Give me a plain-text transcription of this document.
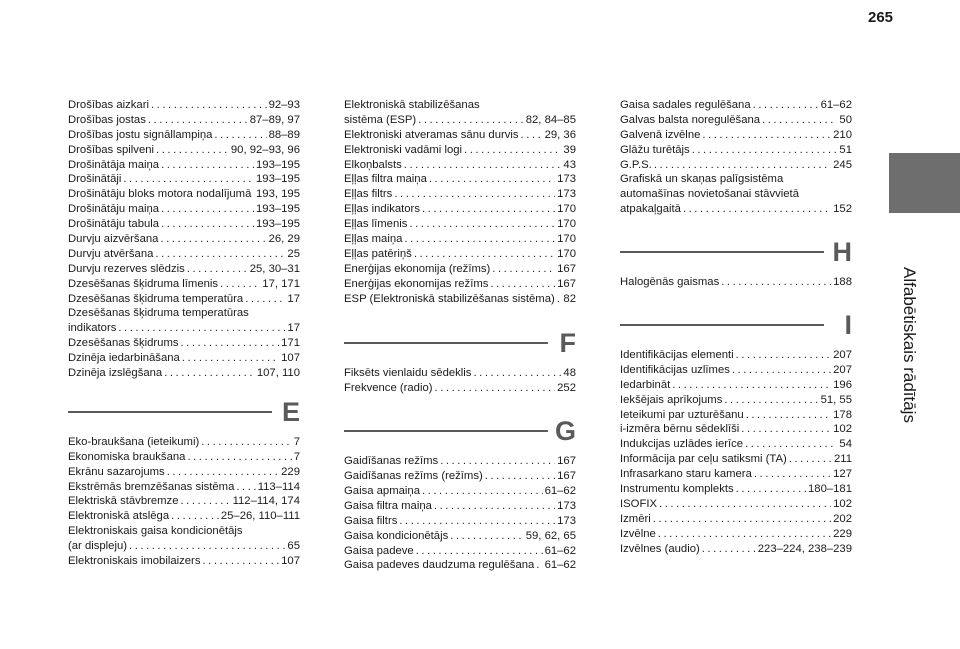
265
Alfabētiskais rādītājs
Drošības aizkari . . .	92–93
Drošības jostas . . .	87–89, 97
Drošības jostu signāllampiņa . . .	88–89
Drošības spilveni . . .	90, 92–93, 96
Drošinātāja maiņa . . .	193–195
Drošinātāji . . .	193–195
Drošinātāju bloks motora nodalījumā . . . 193, 195
Drošinātāju maiņa . . .	193–195
Drošinātāju tabula . . .	193–195
Durvju aizvēršana . . .	26, 29
Durvju atvēršana . . .	25
Durvju rezerves slēdzis . . .	25, 30–31
Dzesēšanas šķidruma līmenis . . .	17, 171
Dzesēšanas šķidruma temperatūra . . .	17
Dzesēšanas šķidruma temperatūras
indikators . . .	17
Dzesēšanas šķidrums . . .	171
Dzinēja iedarbināšana . . .	107
Dzinēja izslēgšana . . .	107, 110
E
Eko-braukšana (ieteikumi) . . .	7
Ekonomiska braukšana . . .	7
Ekrānu sazarojums . . .	229
Ekstrēmās bremzēšanas sistēma . . . 113–114
Elektriskā stāvbremze . . .	112–114, 174
Elektroniskā atslēga . . .	25–26, 110–111
Elektroniskais gaisa kondicionētājs
(ar displeju) . . .	65
Elektroniskais imobilaizers . . .	107
Elektroniskā stabilizēšanas
sistēma (ESP) . . .	82, 84–85
Elektroniski atveramas sānu durvis . . . 29, 36
Elektroniski vadāmi logi . . .	39
Elkoņbalsts . . .	43
Eļļas filtra maiņa . . .	173
Eļļas filtrs . . .	173
Eļļas indikators . . .	170
Eļļas līmenis . . .	170
Eļļas maiņa . . .	170
Eļļas patēriņš . . .	170
Enerģijas ekonomija (režīms) . . .	167
Enerģijas ekonomijas režīms . . .	167
ESP (Elektroniskā stabilizēšanas sistēma) . . . 82
F
Fiksēts vienlaidu sēdeklis . . .	48
Frekvence (radio) . . .	252
G
Gaidīšanas režīms . . .	167
Gaidīšanas režīms (režīms) . . .	167
Gaisa apmaiņa . . .	61–62
Gaisa filtra maiņa . . .	173
Gaisa filtrs . . .	173
Gaisa kondicionētājs . . .	59, 62, 65
Gaisa padeve . . .	61–62
Gaisa padeves daudzuma regulēšana . . . 61–62
Gaisa sadales regulēšana . . .	61–62
Galvas balsta noregulēšana . . .	50
Galvenā izvēlne . . .	210
Glāžu turētājs . . .	51
G.P.S. . . .	245
Grafiskā un skaņas palīgsistēma
automašīnas novietošanai stāvvietā
atpakaļgaitā . . .	152
H
Halogēnās gaismas . . .	188
I
Identifikācijas elementi . . .	207
Identifikācijas uzlīmes . . .	207
Iedarbināt . . .	196
Iekšējais aprīkojums . . .	51, 55
Ieteikumi par uzturēšanu . . .	178
i-izmēra bērnu sēdeklīši . . .	102
Indukcijas uzlādes ierīce . . .	54
Informācija par ceļu satiksmi (TA) . . .	211
Infrasarkano staru kamera . . .	127
Instrumentu komplekts . . .	180–181
ISOFIX . . .	102
Izmēri . . .	202
Izvēlne . . .	229
Izvēlnes (audio) . . .	223–224, 238–239
